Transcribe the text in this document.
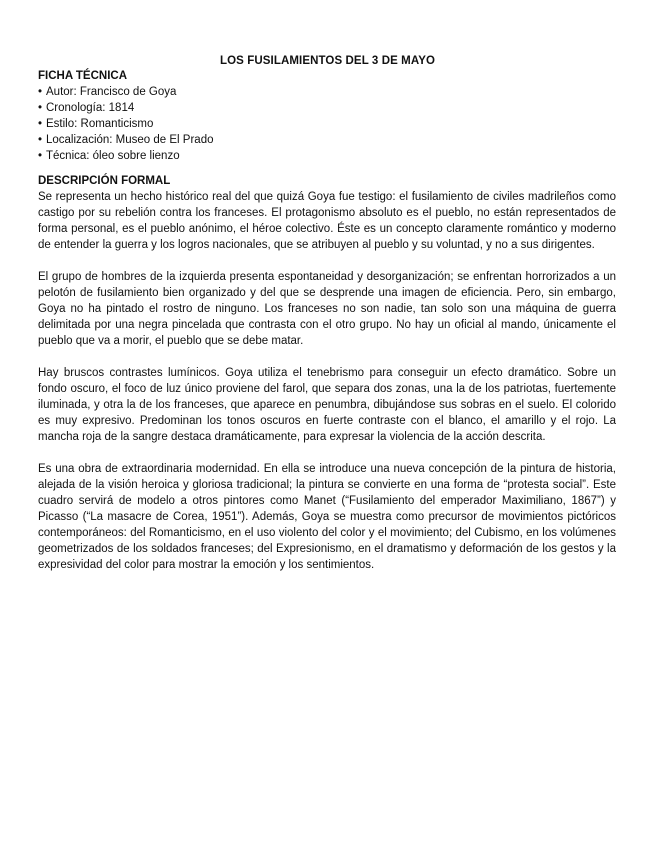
LOS FUSILAMIENTOS DEL 3 DE MAYO
FICHA TÉCNICA
• Autor: Francisco de Goya
• Cronología: 1814
• Estilo: Romanticismo
• Localización: Museo de El Prado
• Técnica: óleo sobre lienzo
DESCRIPCIÓN FORMAL

Se representa un hecho histórico real del que quizá Goya fue testigo: el fusilamiento de civiles madrileños como castigo por su rebelión contra los franceses. El protagonismo absoluto es el pueblo, no están representados de forma personal, es el pueblo anónimo, el héroe colectivo. Éste es un concepto claramente romántico y moderno de entender la guerra y los logros nacionales, que se atribuyen al pueblo y su voluntad, y no a sus dirigentes.

El grupo de hombres de la izquierda presenta espontaneidad y desorganización; se enfrentan horrorizados a un pelotón de fusilamiento bien organizado y del que se desprende una imagen de eficiencia. Pero, sin embargo, Goya no ha pintado el rostro de ninguno. Los franceses no son nadie, tan solo son una máquina de guerra delimitada por una negra pincelada que contrasta con el otro grupo. No hay un oficial al mando, únicamente el pueblo que va a morir, el pueblo que se debe matar.

Hay bruscos contrastes lumínicos. Goya utiliza el tenebrismo para conseguir un efecto dramático. Sobre un fondo oscuro, el foco de luz único proviene del farol, que separa dos zonas, una la de los patriotas, fuertemente iluminada, y otra la de los franceses, que aparece en penumbra, dibujándose sus sobras en el suelo. El colorido es muy expresivo. Predominan los tonos oscuros en fuerte contraste con el blanco, el amarillo y el rojo. La mancha roja de la sangre destaca dramáticamente, para expresar la violencia de la acción descrita.

Es una obra de extraordinaria modernidad. En ella se introduce una nueva concepción de la pintura de historia, alejada de la visión heroica y gloriosa tradicional; la pintura se convierte en una forma de “protesta social”. Este cuadro servirá de modelo a otros pintores como Manet (“Fusilamiento del emperador Maximiliano, 1867”) y Picasso (“La masacre de Corea, 1951”). Además, Goya se muestra como precursor de movimientos pictóricos contemporáneos: del Romanticismo, en el uso violento del color y el movimiento; del Cubismo, en los volúmenes geometrizados de los soldados franceses; del Expresionismo, en el dramatismo y deformación de los gestos y la expresividad del color para mostrar la emoción y los sentimientos.
